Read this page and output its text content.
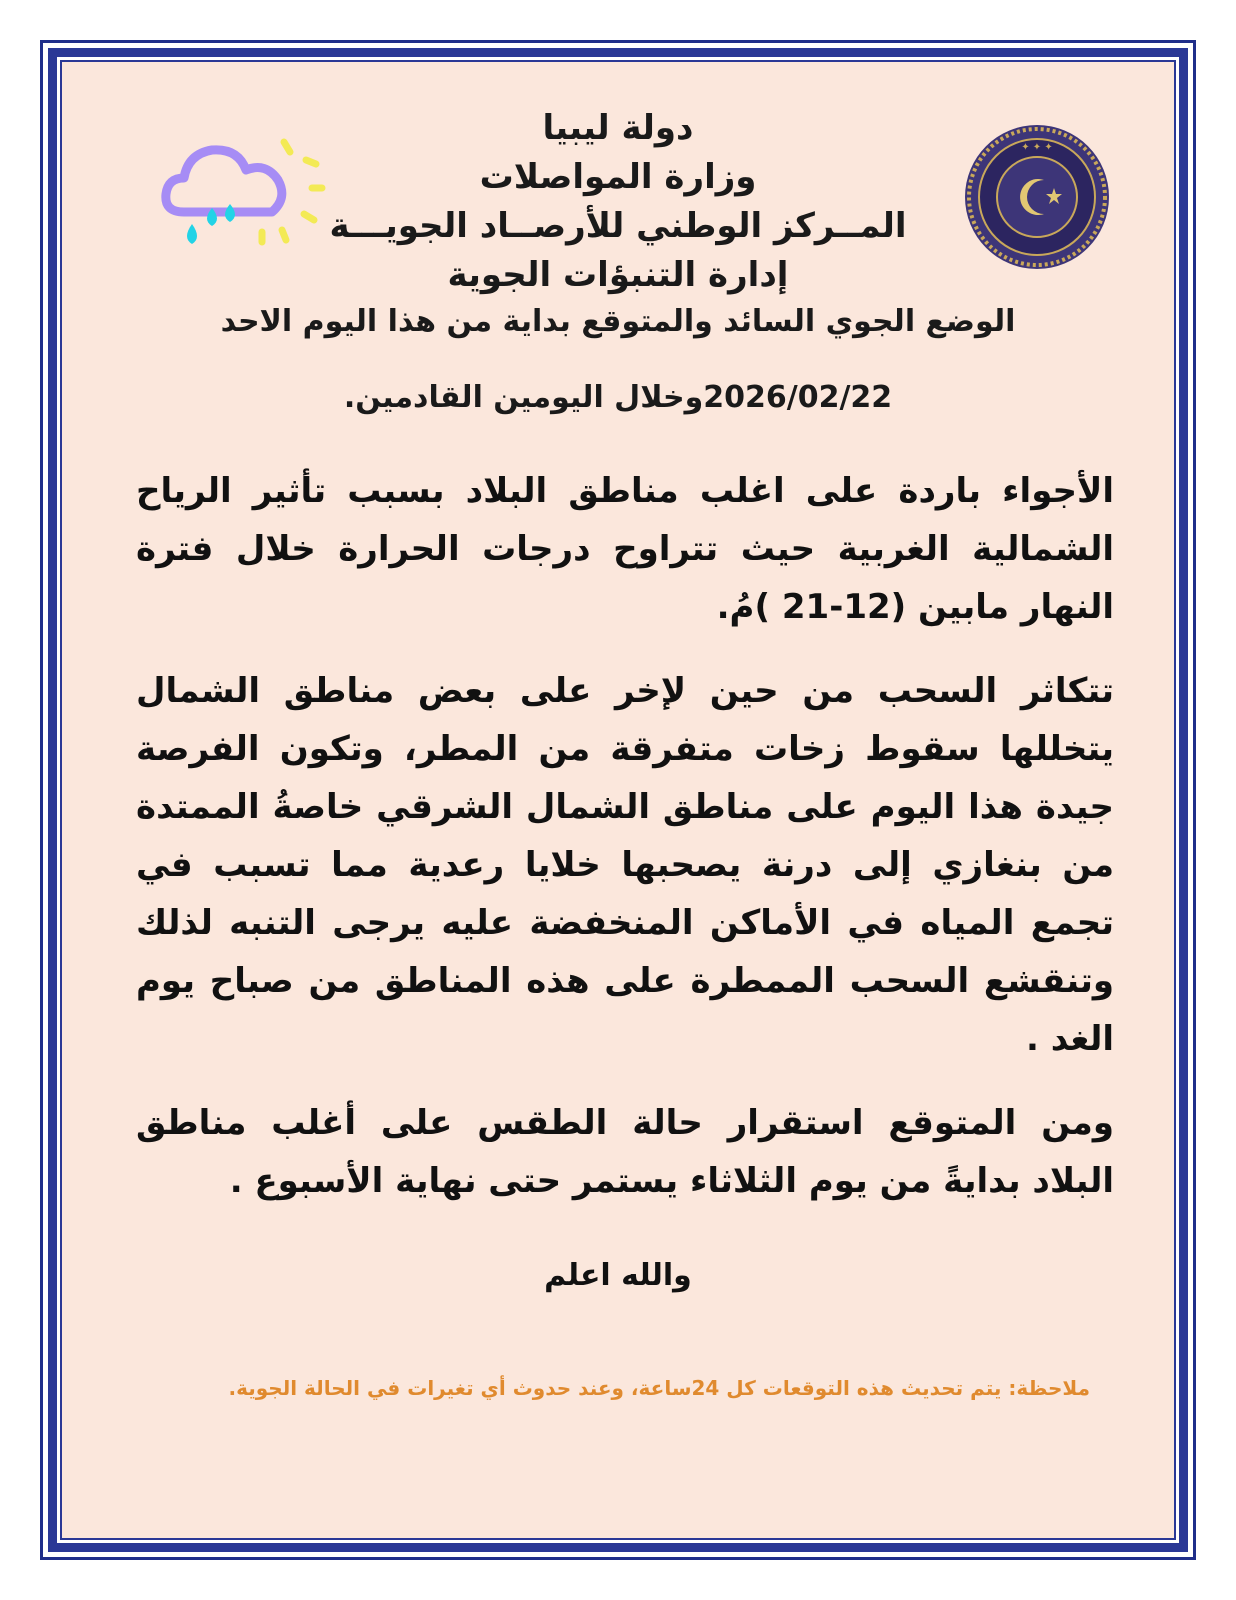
✦ ✦ ✦
دولة ليبيا
وزارة المواصلات
المــركز الوطني للأرصــاد الجويـــة
إدارة التنبؤات الجوية
الوضع الجوي السائد والمتوقع بداية من هذا اليوم الاحد
2026/02/22وخلال اليومين القادمين.

الأجواء باردة على اغلب مناطق البلاد بسبب تأثير الرياح الشمالية الغربية حيث تتراوح درجات الحرارة خلال فترة النهار مابين (12-21 )مُ.

تتكاثر السحب من حين لإخر على بعض مناطق الشمال يتخللها سقوط زخات متفرقة من المطر، وتكون الفرصة جيدة هذا اليوم على مناطق الشمال الشرقي خاصةُ الممتدة من بنغازي إلى درنة يصحبها خلايا رعدية مما تسبب في تجمع المياه في الأماكن المنخفضة عليه يرجى التنبه لذلك وتنقشع السحب الممطرة على هذه المناطق من صباح يوم الغد .

ومن المتوقع استقرار حالة الطقس على أغلب مناطق البلاد بدايةً من يوم الثلاثاء يستمر حتى نهاية الأسبوع .

والله اعلم
ملاحظة: يتم تحديث هذه التوقعات كل 24ساعة، وعند حدوث أي تغيرات في الحالة الجوية.
